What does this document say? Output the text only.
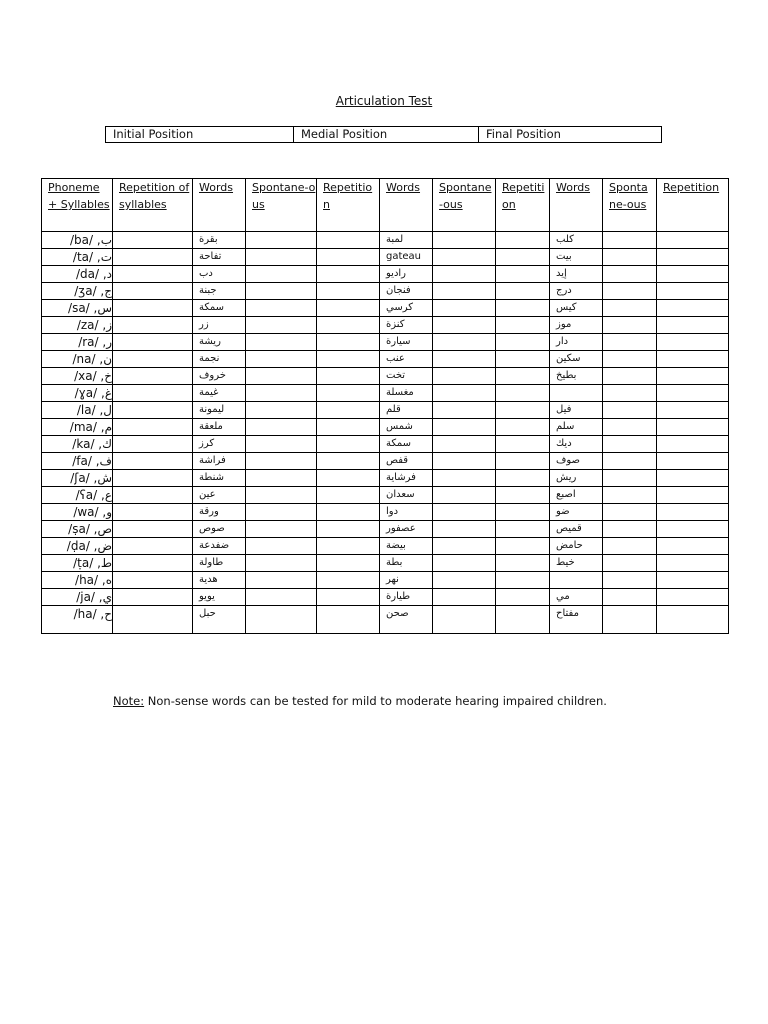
Articulation Test
Initial Position	Medial Position	Final Position
Phoneme + Syllables	Repetition of syllables	Words	Spontane-ous	Repetition	Words	Spontane-ous	Repetition	Words	Sponta ne-ous	Repetition
ب, /ba/		بقرة			لمبة			كلب		
ت, /ta/		تفاحة			gateau			بيت		
د, /da/		دب			راديو			إيد		
ج, /ʒa/		جبنة			فنجان			درج		
س, /sa/		سمكة			كرسي			كيس		
ز, /za/		زر			كنزة			موز		
ر, /ra/		ريشة			سيارة			دار		
ن, /na/		نجمة			عنب			سكين		
خ, /xa/		خروف			تخت			بطيخ		
غ, /ɣa/		غيمة			مغسلة					
ل, /la/		ليمونة			قلم			فيل		
م, /ma/		ملعقة			شمس			سلم		
ك, /ka/		كرز			سمكة			ديك		
ف, /fa/		فراشة			قفص			صوف		
ش, /ʃa/		شنطة			فرشاية			ريش		
ع, /ʕa/		عين			سعدان			اصبع		
و, /wa/		ورقة			دوا			ضو		
ص, /ṣa/		صوص			عصفور			قميص		
ض, /ḍa/		ضفدعة			بيضة			حامض		
ط, /ṭa/		طاولة			بطة			خيط		
ه, /ha/		هدية			نهر					
ي, /ja/		يويو			طيارة			مي		
ح, /ha/		حبل			صحن			مفتاح		
Note: Non-sense words can be tested for mild to moderate hearing impaired children.
